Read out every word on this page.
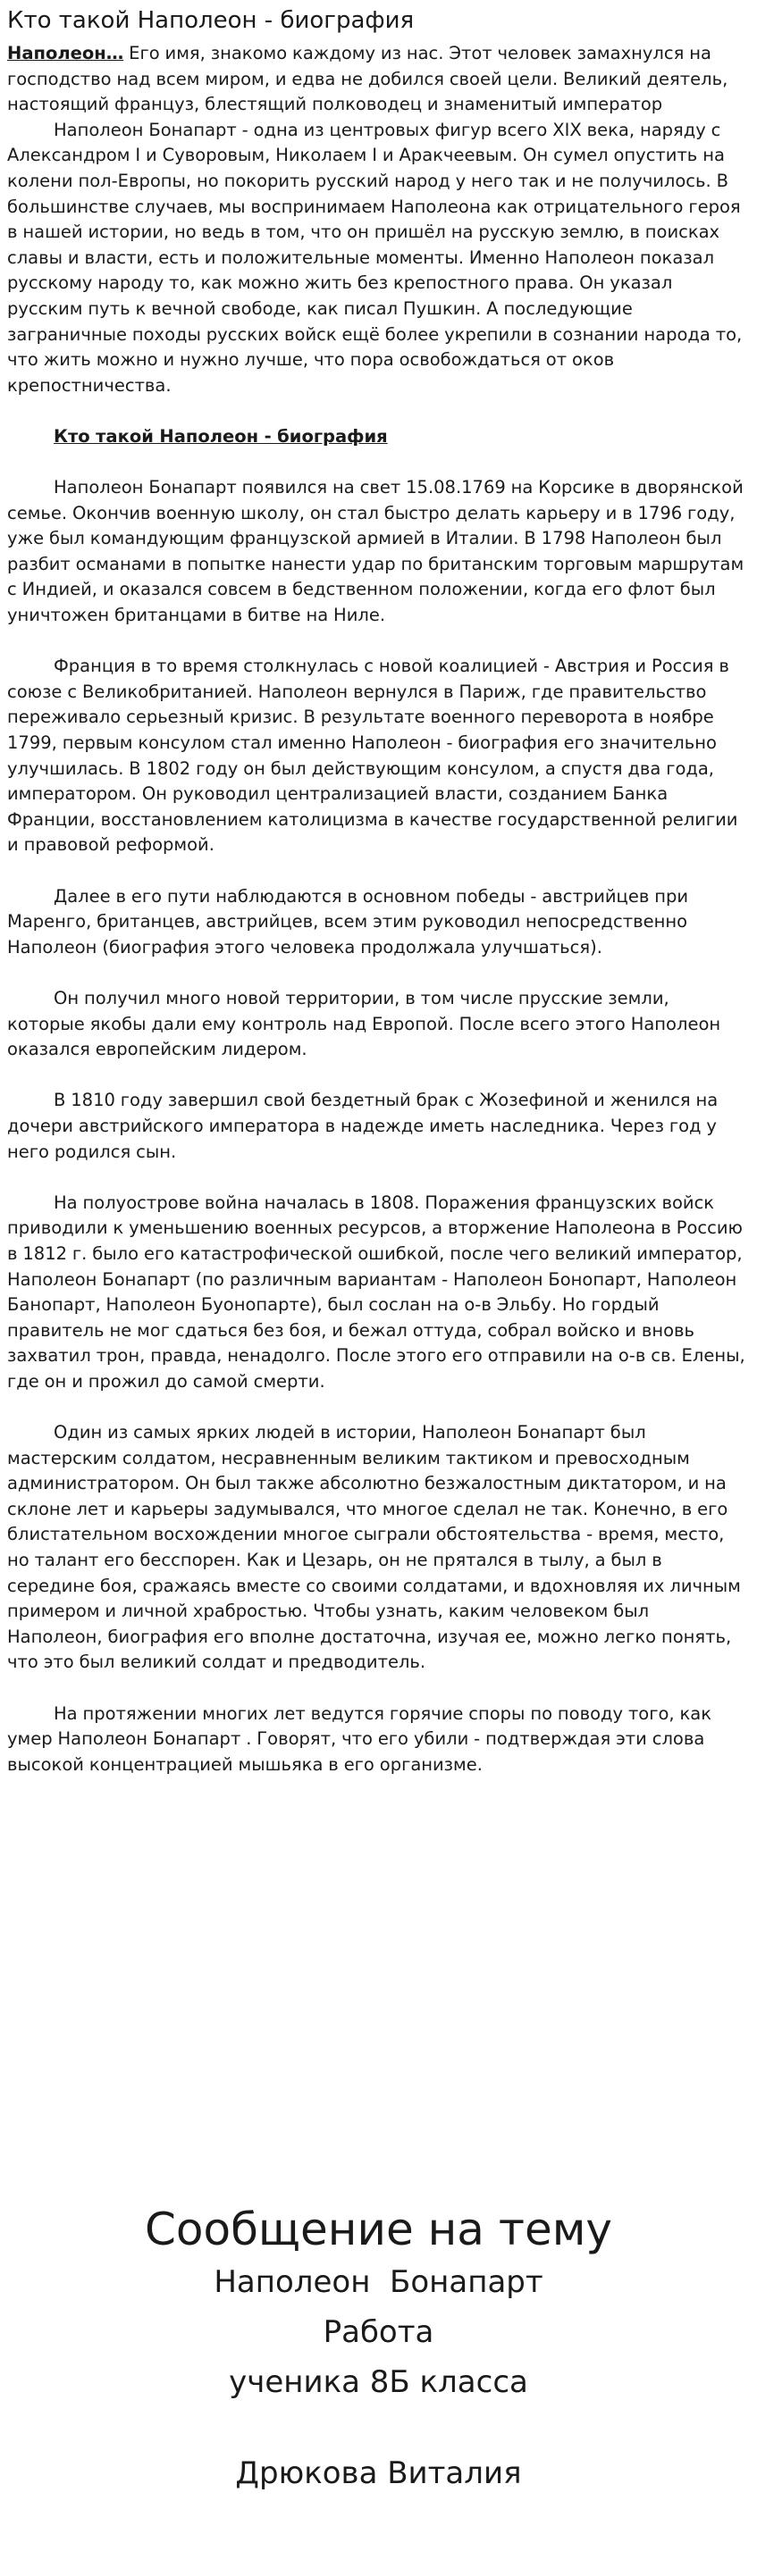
Кто такой Наполеон - биография

Наполеон… Его имя, знакомо каждому из нас. Этот человек замахнулся на господство над всем миром, и едва не добился своей цели. Великий деятель, настоящий француз, блестящий полководец и знаменитый император

Наполеон Бонапарт - одна из центровых фигур всего XIX века, наряду с Александром I и Суворовым, Николаем I и Аракчеевым. Он сумел опустить на колени пол-Европы, но покорить русский народ у него так и не получилось. В большинстве случаев, мы воспринимаем Наполеона как отрицательного героя в нашей истории, но ведь в том, что он пришёл на русскую землю, в поисках славы и власти, есть и положительные моменты. Именно Наполеон показал русскому народу то, как можно жить без крепостного права. Он указал русским путь к вечной свободе, как писал Пушкин. А последующие заграничные походы русских войск ещё более укрепили в сознании народа то, что жить можно и нужно лучше, что пора освобождаться от оков крепостничества.

Кто такой Наполеон - биография

Наполеон Бонапарт появился на свет 15.08.1769 на Корсике в дворянской семье. Окончив военную школу, он стал быстро делать карьеру и в 1796 году, уже был командующим французской армией в Италии. В 1798 Наполеон был разбит османами в попытке нанести удар по британским торговым маршрутам с Индией, и оказался совсем в бедственном положении, когда его флот был уничтожен британцами в битве на Ниле.

Франция в то время столкнулась с новой коалицией - Австрия и Россия в союзе с Великобританией. Наполеон вернулся в Париж, где правительство переживало серьезный кризис. В результате военного переворота в ноябре 1799, первым консулом стал именно Наполеон - биография его значительно улучшилась. В 1802 году он был действующим консулом, а спустя два года, императором. Он руководил централизацией власти, созданием Банка Франции, восстановлением католицизма в качестве государственной религии и правовой реформой.

Далее в его пути наблюдаются в основном победы - австрийцев при Маренго, британцев, австрийцев, всем этим руководил непосредственно Наполеон (биография этого человека продолжала улучшаться).

Он получил много новой территории, в том числе прусские земли, которые якобы дали ему контроль над Европой. После всего этого Наполеон оказался европейским лидером.

В 1810 году завершил свой бездетный брак с Жозефиной и женился на дочери австрийского императора в надежде иметь наследника. Через год у него родился сын.

На полуострове война началась в 1808. Поражения французских войск приводили к уменьшению военных ресурсов, а вторжение Наполеона в Россию в 1812 г. было его катастрофической ошибкой, после чего великий император, Наполеон Бонапарт (по различным вариантам - Наполеон Бонопарт, Наполеон Банопарт, Наполеон Буонопарте), был сослан на о-в Эльбу. Но гордый правитель не мог сдаться без боя, и бежал оттуда, собрал войско и вновь захватил трон, правда, ненадолго. После этого его отправили на о-в св. Елены, где он и прожил до самой смерти.

Один из самых ярких людей в истории, Наполеон Бонапарт был мастерским солдатом, несравненным великим тактиком и превосходным администратором. Он был также абсолютно безжалостным диктатором, и на склоне лет и карьеры задумывался, что многое сделал не так. Конечно, в его блистательном восхождении многое сыграли обстоятельства - время, место, но талант его бесспорен. Как и Цезарь, он не прятался в тылу, а был в середине боя, сражаясь вместе со своими солдатами, и вдохновляя их личным примером и личной храбростью. Чтобы узнать, каким человеком был Наполеон, биография его вполне достаточна, изучая ее, можно легко понять, что это был великий солдат и предводитель.

На протяжении многих лет ведутся горячие споры по поводу того, как умер Наполеон Бонапарт . Говорят, что его убили - подтверждая эти слова высокой концентрацией мышьяка в его организме.

Сообщение на тему

Наполеон  Бонапарт

Работа

ученика 8Б класса

Дрюкова Виталия
